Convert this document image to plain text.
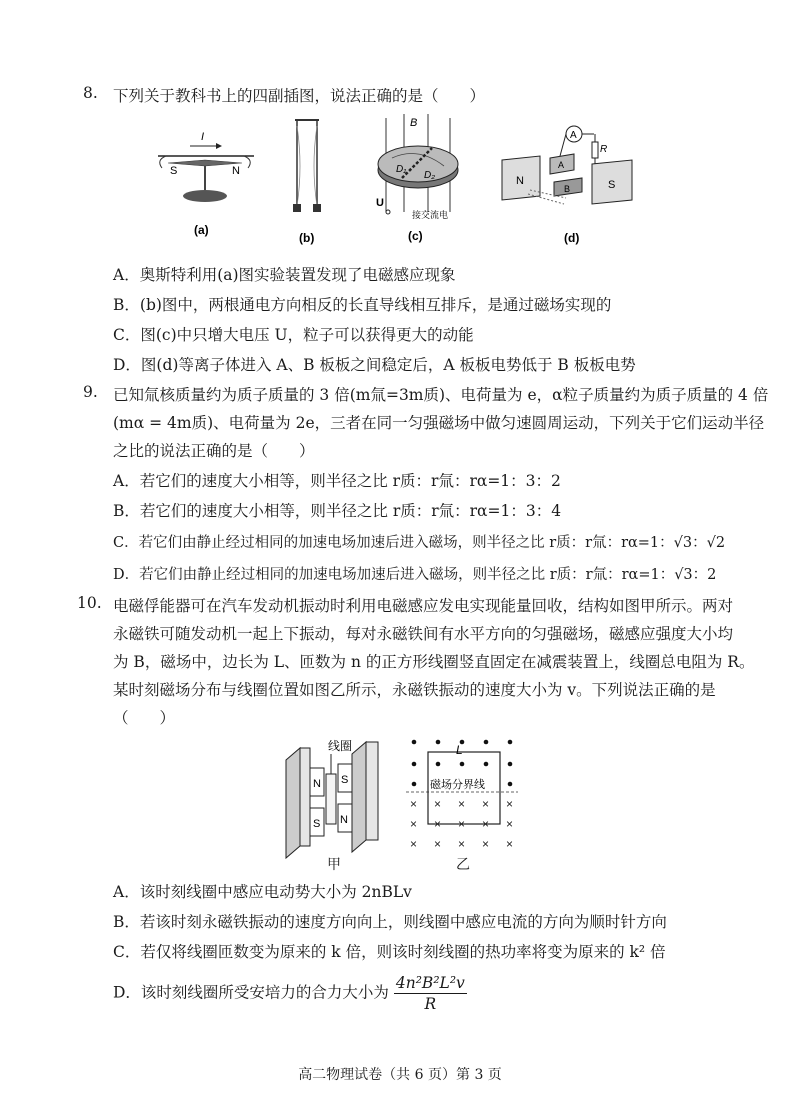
8. 下列关于教科书上的四副插图，说法正确的是（　　）
I
S	N
(a)
(b)
B
D₁
D₂
U
接交流电
(c)
A
R
N
A
B	S
(d)
A．奥斯特利用(a)图实验装置发现了电磁感应现象
B．(b)图中，两根通电方向相反的长直导线相互排斥，是通过磁场实现的
C．图(c)中只增大电压 U，粒子可以获得更大的动能
D．图(d)等离子体进入 A、B 板板之间稳定后，A 板板电势低于 B 板板电势
9. 已知氚核质量约为质子质量的 3 倍(m氚=3m质)、电荷量为 e，α粒子质量约为质子质量的 4 倍
(mα = 4m质)、电荷量为 2e，三者在同一匀强磁场中做匀速圆周运动，下列关于它们运动半径
之比的说法正确的是（　　）
A．若它们的速度大小相等，则半径之比 r质：r氚：rα=1：3：2
B．若它们的速度大小相等，则半径之比 r质：r氚：rα=1：3：4
C．若它们由静止经过相同的加速电场加速后进入磁场，则半径之比 r质：r氚：rα=1：√3：√2
D．若它们由静止经过相同的加速电场加速后进入磁场，则半径之比 r质：r氚：rα=1：√3：2
10. 电磁俘能器可在汽车发动机振动时利用电磁感应发电实现能量回收，结构如图甲所示。两对
永磁铁可随发动机一起上下振动，每对永磁铁间有水平方向的匀强磁场，磁感应强度大小均
为 B，磁场中，边长为 L、匝数为 n 的正方形线圈竖直固定在减震装置上，线圈总电阻为 R。
某时刻磁场分布与线圈位置如图乙所示，永磁铁振动的速度大小为 v。下列说法正确的是
（　　）
N S
S N
线圈
甲
L
磁场分界线
× × × × ×
× × × × ×
× × × × ×
乙
A．该时刻线圈中感应电动势大小为 2nBLv
B．若该时刻永磁铁振动的速度方向向上，则线圈中感应电流的方向为顺时针方向
C．若仅将线圈匝数变为原来的 k 倍，则该时刻线圈的热功率将变为原来的 k² 倍
D．该时刻线圈所受安培力的合力大小为 $\frac{\text{4n²B²L²v}}{R}$
高二物理试卷（共 6 页）第 3 页
